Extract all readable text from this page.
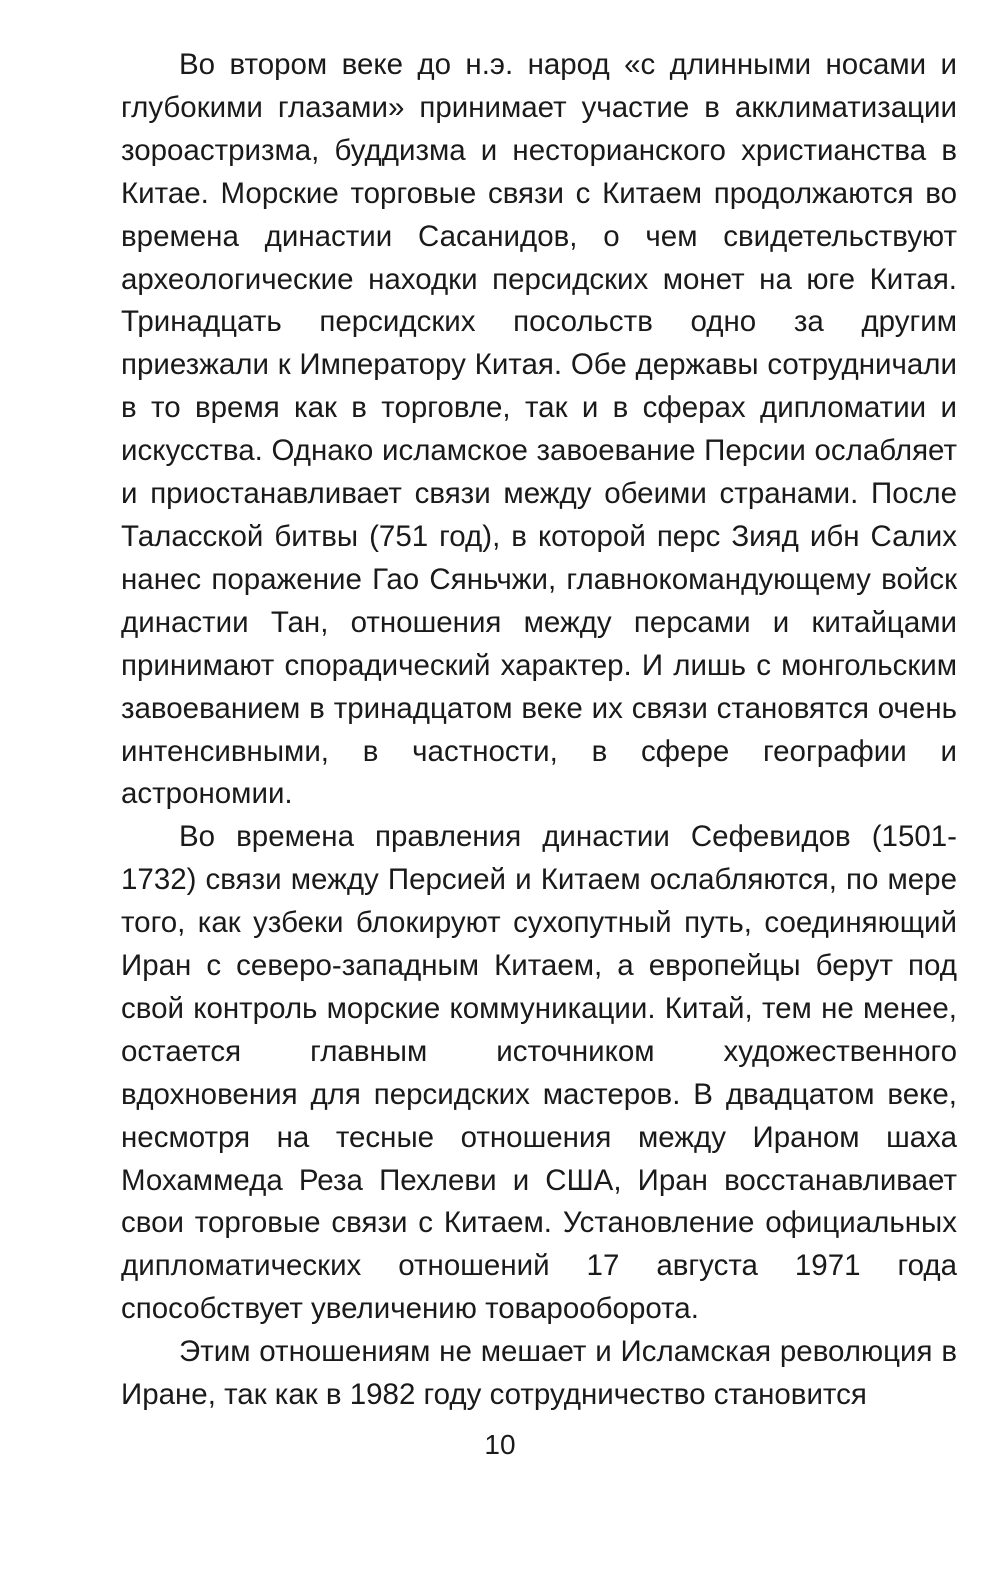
Во втором веке до н.э. народ «с длинными носами и глубокими глазами» принимает участие в акклиматизации зороастризма, буддизма и несторианского христианства в Китае. Морские торговые связи с Китаем продолжаются во времена династии Сасанидов, о чем свидетельствуют археологические находки персидских монет на юге Китая. Тринадцать персидских посольств одно за другим приезжали к Императору Китая. Обе державы сотрудничали в то время как в торговле, так и в сферах дипломатии и искусства. Однако исламское завоевание Персии ослабляет и приостанавливает связи между обеими странами. После Таласской битвы (751 год), в которой перс Зияд ибн Салих нанес поражение Гао Сяньчжи, главнокомандующему войск династии Тан, отношения между персами и китайцами принимают спорадический характер. И лишь с монгольским завоеванием в тринадцатом веке их связи становятся очень интенсивными, в частности, в сфере географии и астрономии.

Во времена правления династии Сефевидов (1501-1732) связи между Персией и Китаем ослабляются, по мере того, как узбеки блокируют сухопутный путь, соединяющий Иран с северо-западным Китаем, а европейцы берут под свой контроль морские коммуникации. Китай, тем не менее, остается главным источником художественного вдохновения для персидских мастеров. В двадцатом веке, несмотря на тесные отношения между Ираном шаха Мохаммеда Реза Пехлеви и США, Иран восстанавливает свои торговые связи с Китаем. Установление официальных дипломатических отношений 17 августа 1971 года способствует увеличению товарооборота.

Этим отношениям не мешает и Исламская революция в Иране, так как в 1982 году сотрудничество становится

10
